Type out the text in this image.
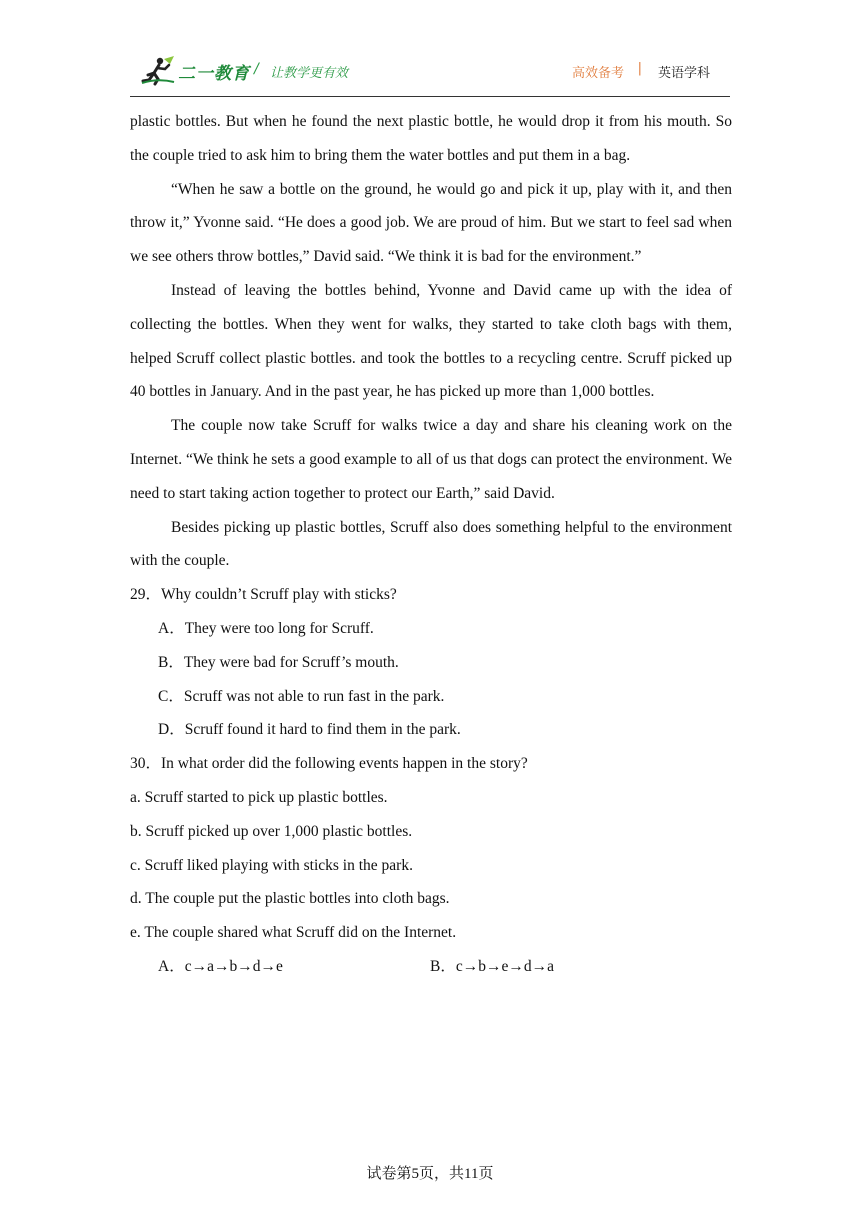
二一教育 / 让教学更有效	高效备考 | 英语学科

plastic bottles. But when he found the next plastic bottle, he would drop it from his mouth. So the couple tried to ask him to bring them the water bottles and put them in a bag.

“When he saw a bottle on the ground, he would go and pick it up, play with it, and then throw it,” Yvonne said. “He does a good job. We are proud of him. But we start to feel sad when we see others throw bottles,” David said. “We think it is bad for the environment.”

Instead of leaving the bottles behind, Yvonne and David came up with the idea of collecting the bottles. When they went for walks, they started to take cloth bags with them, helped Scruff collect plastic bottles. and took the bottles to a recycling centre. Scruff picked up 40 bottles in January. And in the past year, he has picked up more than 1,000 bottles.

The couple now take Scruff for walks twice a day and share his cleaning work on the Internet. “We think he sets a good example to all of us that dogs can protect the environment. We need to start taking action together to protect our Earth,” said David.

Besides picking up plastic bottles, Scruff also does something helpful to the environment with the couple.

29．Why couldn’t Scruff play with sticks?

A．They were too long for Scruff.

B．They were bad for Scruff’s mouth.

C．Scruff was not able to run fast in the park.

D．Scruff found it hard to find them in the park.

30．In what order did the following events happen in the story?

a. Scruff started to pick up plastic bottles.

b. Scruff picked up over 1,000 plastic bottles.

c. Scruff liked playing with sticks in the park.

d. The couple put the plastic bottles into cloth bags.

e. The couple shared what Scruff did on the Internet.

A．c→a→b→d→e	B．c→b→e→d→a
试卷第5页，共11页
